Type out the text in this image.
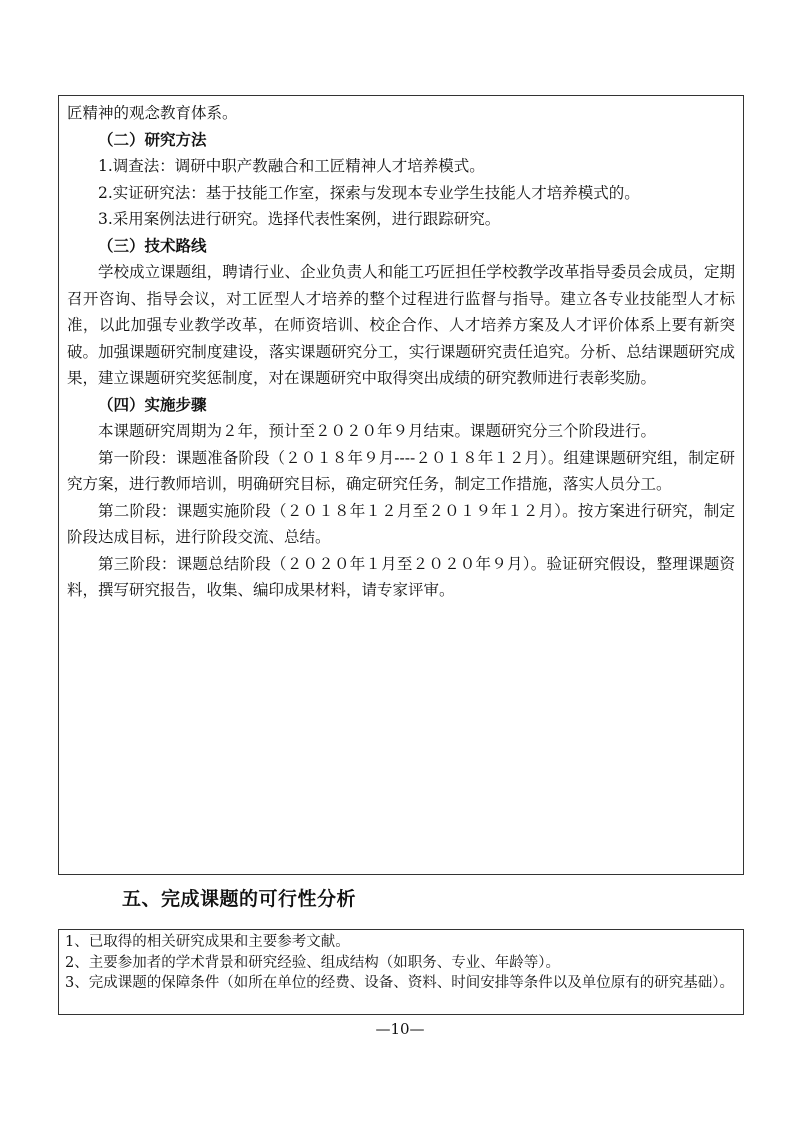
匠精神的观念教育体系。

（二）研究方法

1.调查法：调研中职产教融合和工匠精神人才培养模式。

2.实证研究法：基于技能工作室，探索与发现本专业学生技能人才培养模式的。

3.采用案例法进行研究。选择代表性案例，进行跟踪研究。

（三）技术路线

学校成立课题组，聘请行业、企业负责人和能工巧匠担任学校教学改革指导委员会成员，定期召开咨询、指导会议，对工匠型人才培养的整个过程进行监督与指导。建立各专业技能型人才标准，以此加强专业教学改革，在师资培训、校企合作、人才培养方案及人才评价体系上要有新突破。加强课题研究制度建设，落实课题研究分工，实行课题研究责任追究。分析、总结课题研究成果，建立课题研究奖惩制度，对在课题研究中取得突出成绩的研究教师进行表彰奖励。

（四）实施步骤

本课题研究周期为２年，预计至２０２０年９月结束。课题研究分三个阶段进行。

第一阶段：课题准备阶段（２０１８年９月----２０１８年１２月）。组建课题研究组，制定研究方案，进行教师培训，明确研究目标，确定研究任务，制定工作措施，落实人员分工。

第二阶段：课题实施阶段（２０１８年１２月至２０１９年１２月）。按方案进行研究，制定阶段达成目标，进行阶段交流、总结。

第三阶段：课题总结阶段（２０２０年１月至２０２０年９月）。验证研究假设，整理课题资料，撰写研究报告，收集、编印成果材料，请专家评审。

五、完成课题的可行性分析

1、已取得的相关研究成果和主要参考文献。

2、主要参加者的学术背景和研究经验、组成结构（如职务、专业、年龄等）。

3、完成课题的保障条件（如所在单位的经费、设备、资料、时间安排等条件以及单位原有的研究基础）。

—10—
